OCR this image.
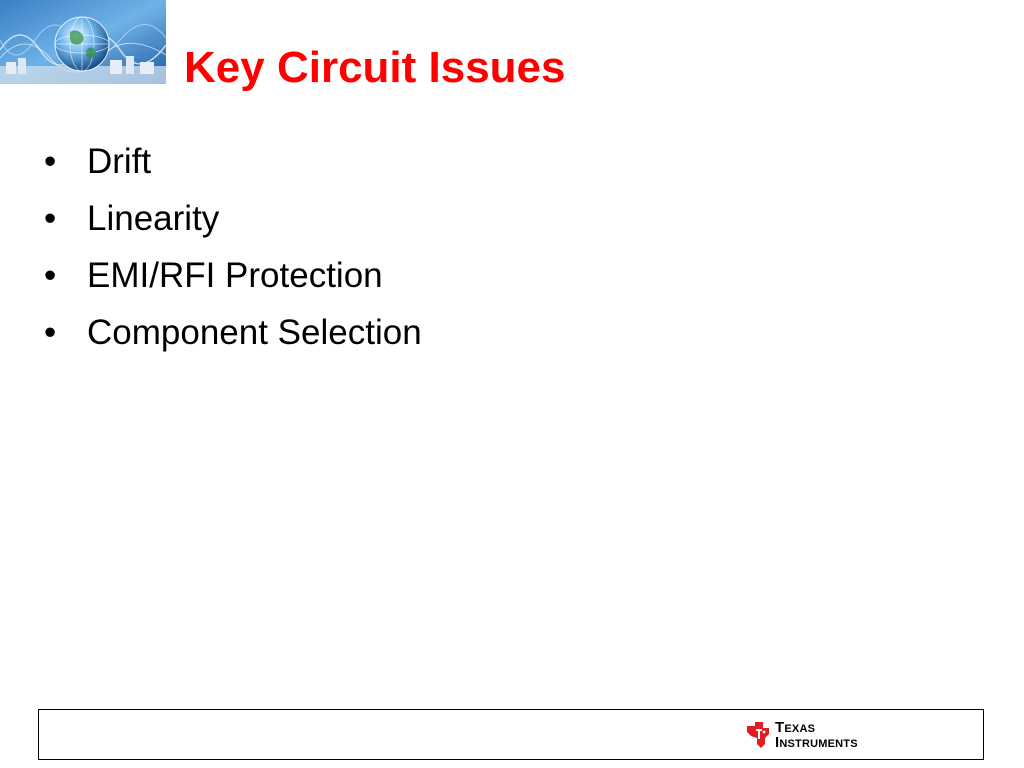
Key Circuit Issues
• Drift
• Linearity
• EMI/RFI Protection
• Component Selection
TEXAS
INSTRUMENTS
